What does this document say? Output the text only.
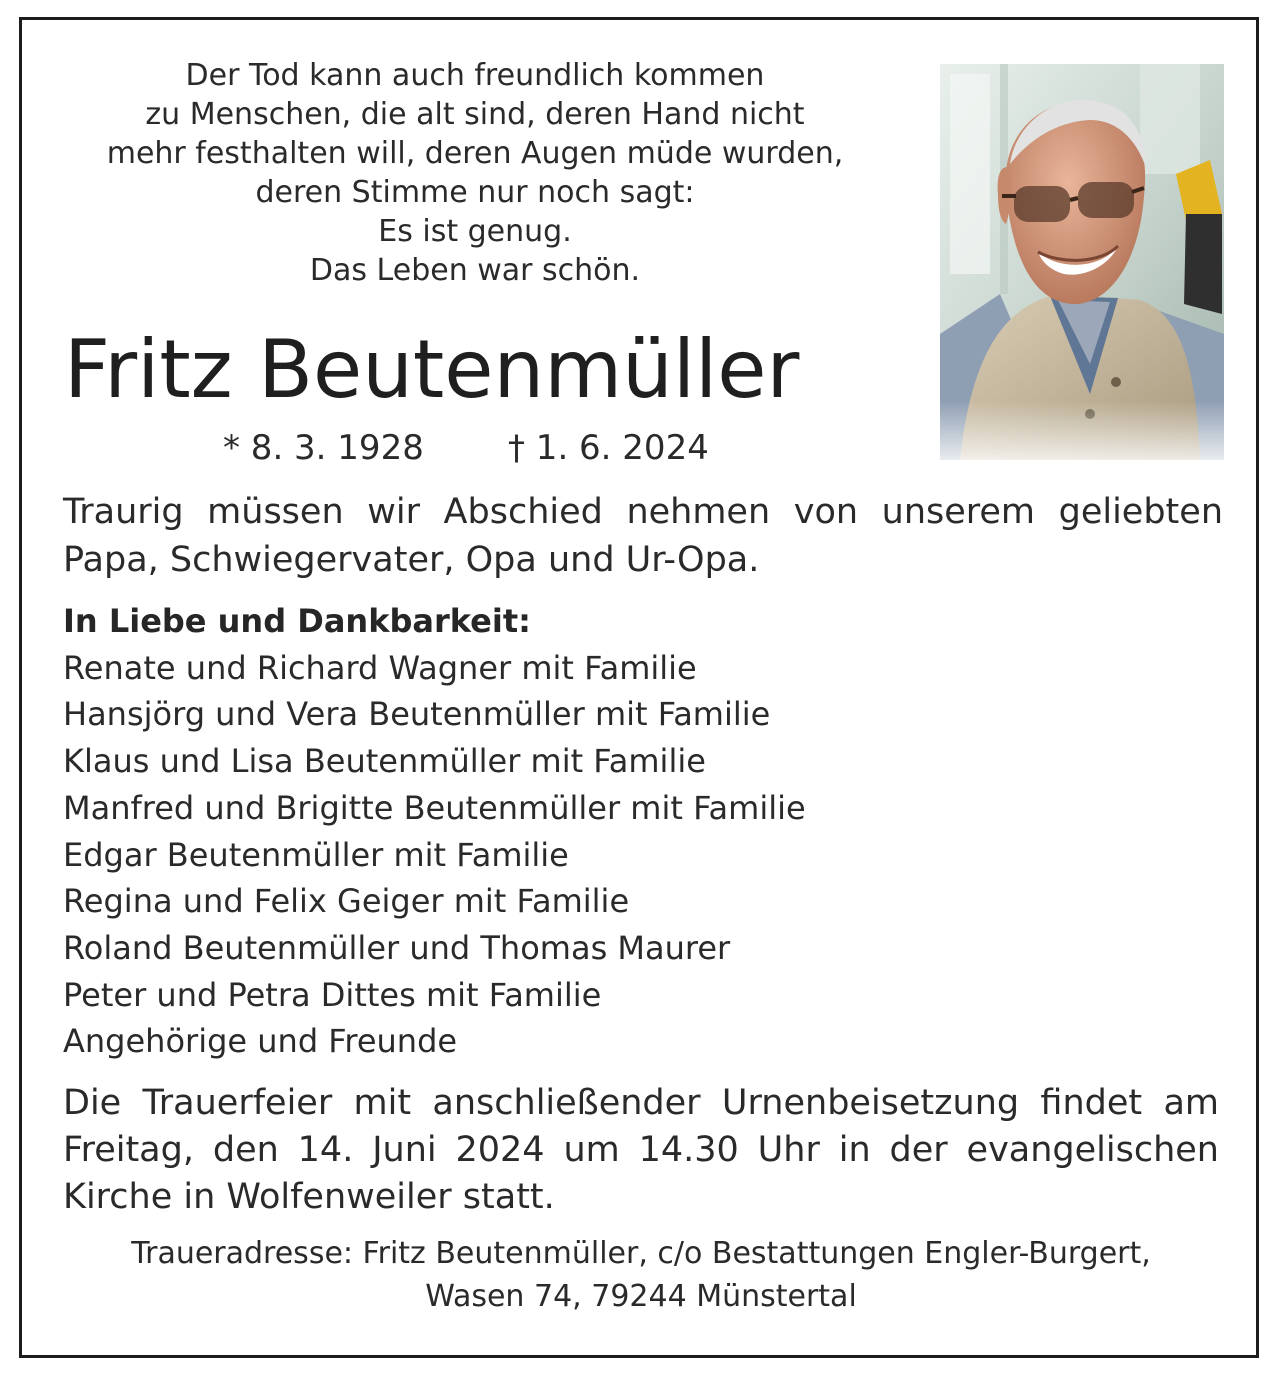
Der Tod kann auch freundlich kommen
zu Menschen, die alt sind, deren Hand nicht
mehr festhalten will, deren Augen müde wurden,
deren Stimme nur noch sagt:
Es ist genug.
Das Leben war schön.
Fritz Beutenmüller
* 8. 3. 1928 † 1. 6. 2024
Traurig müssen wir Abschied nehmen von unserem geliebten Papa, Schwiegervater, Opa und Ur-Opa.
In Liebe und Dankbarkeit:
Renate und Richard Wagner mit Familie
Hansjörg und Vera Beutenmüller mit Familie
Klaus und Lisa Beutenmüller mit Familie
Manfred und Brigitte Beutenmüller mit Familie
Edgar Beutenmüller mit Familie
Regina und Felix Geiger mit Familie
Roland Beutenmüller und Thomas Maurer
Peter und Petra Dittes mit Familie
Angehörige und Freunde
Die Trauerfeier mit anschließender Urnenbeisetzung findet am Freitag, den 14. Juni 2024 um 14.30 Uhr in der evangelischen Kirche in Wolfenweiler statt.
Traueradresse: Fritz Beutenmüller, c/o Bestattungen Engler-Burgert,
Wasen 74, 79244 Münstertal
